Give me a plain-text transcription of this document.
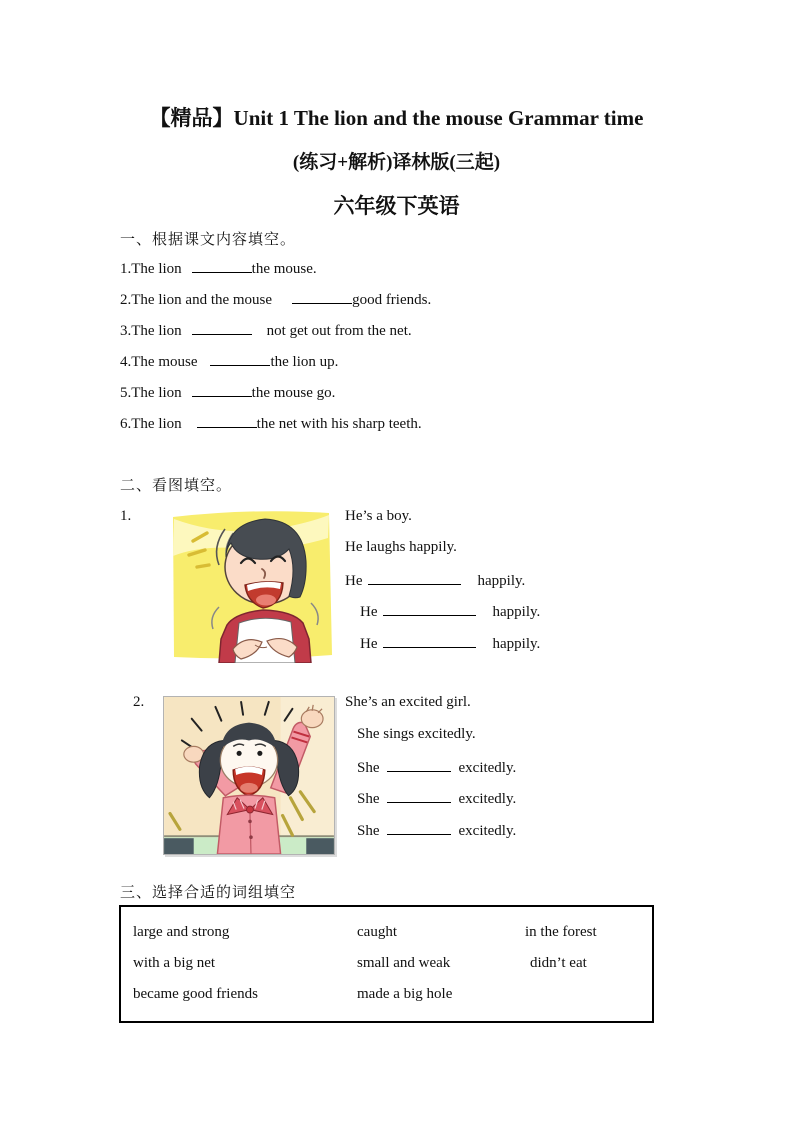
【精品】Unit 1 The lion and the mouse Grammar time
(练习+解析)译林版(三起)
六年级下英语
一、根据课文内容填空。
1.The lion	the mouse.
2.The lion and the mouse	good friends.
3.The lion	not get out from the net.
4.The mouse	the lion up.
5.The lion	the mouse go.
6.The lion	the net with his sharp teeth.
二、看图填空。
1.	He’s a boy.
He laughs happily.
He	happily.
He	happily.
He	happily.
2.	She’s an excited girl.
She sings excitedly.
She	excitedly.
She	excitedly.
She	excitedly.
三、选择合适的词组填空
large and strong	caught	in the forest
with a big net	small and weak	didn’t eat
became good friends	made a big hole
